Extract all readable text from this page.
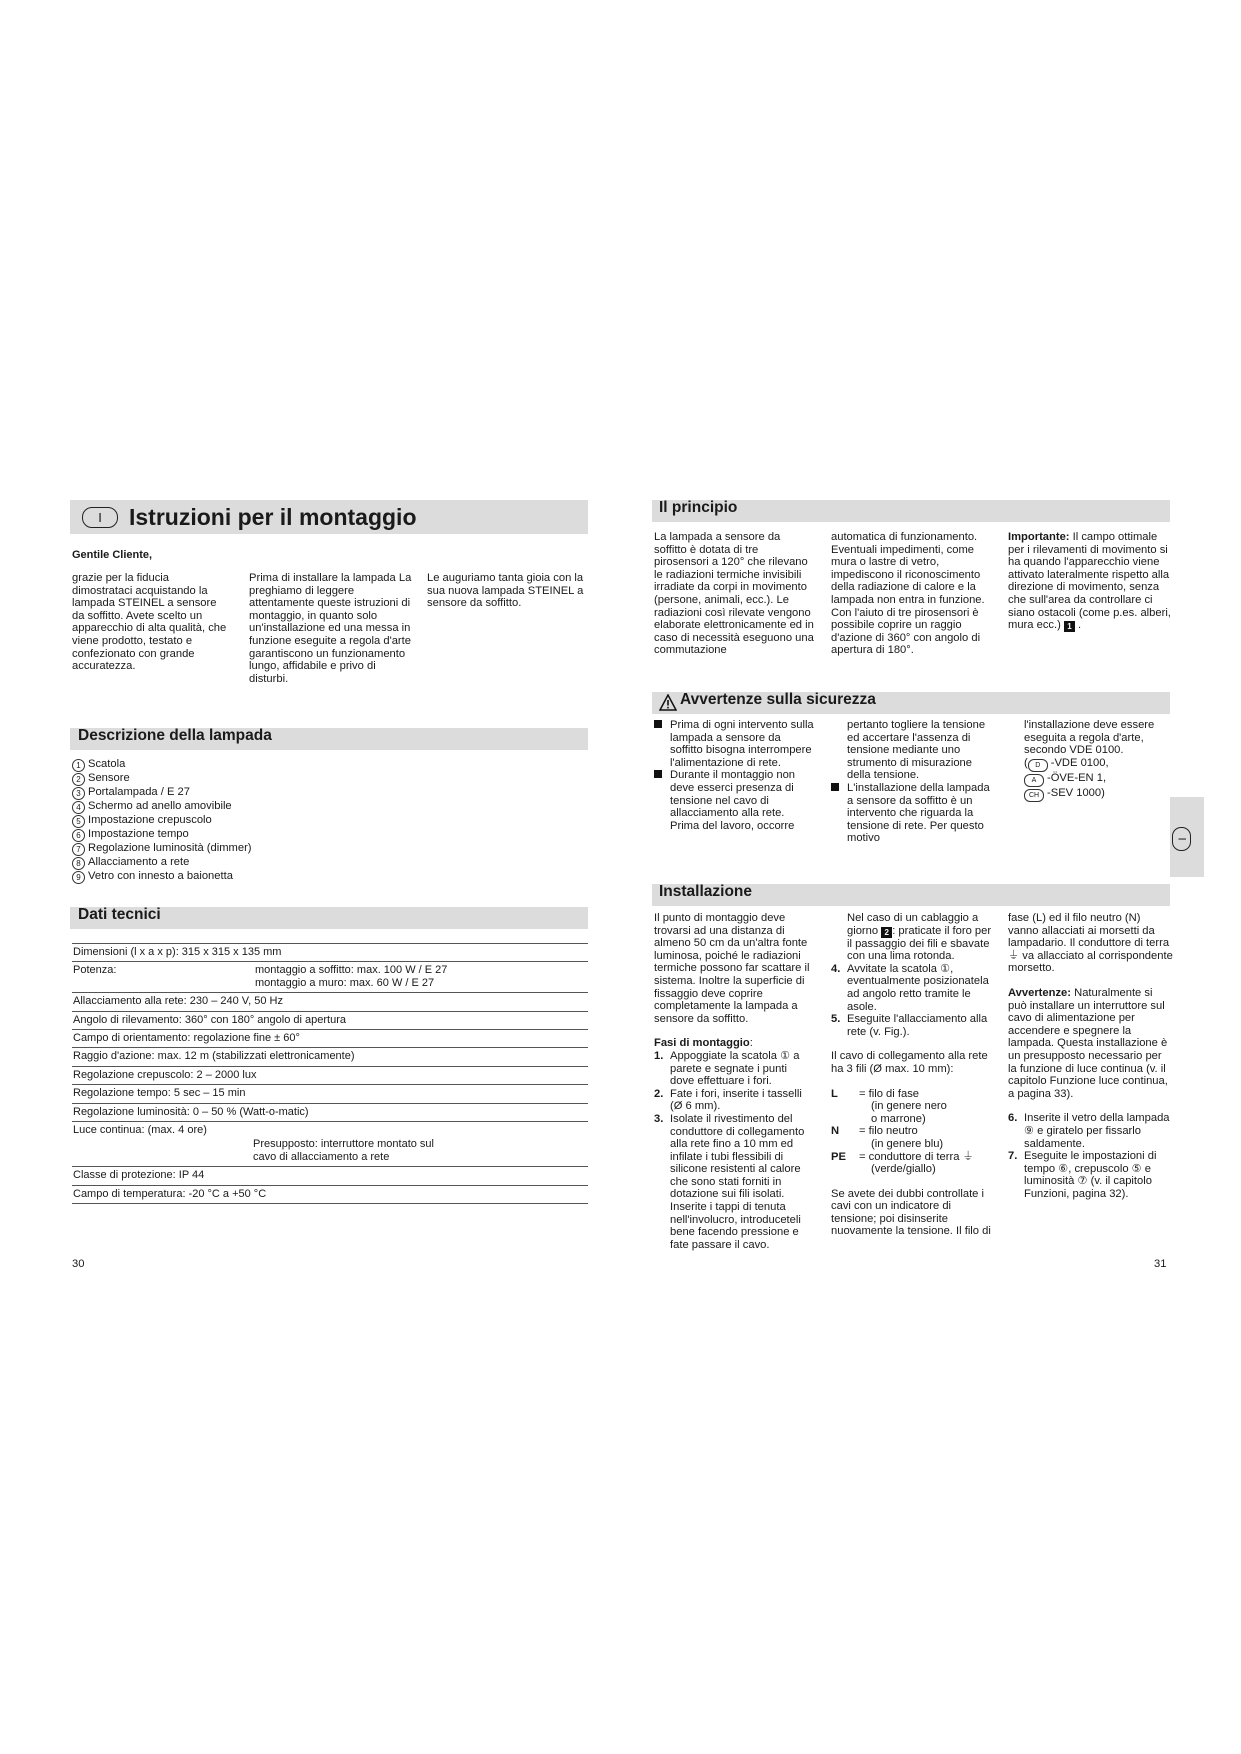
I	Istruzioni per il montaggio
Gentile Cliente,

grazie per la fiducia dimostrataci acquistando la lampada STEINEL a sensore da soffitto. Avete scelto un apparecchio di alta qualità, che viene prodotto, testato e confezionato con grande accuratezza.

Prima di installare la lampada La preghiamo di leggere attentamente queste istruzioni di montaggio, in quanto solo un'installazione ed una messa in funzione eseguite a regola d'arte garantiscono un funzionamento lungo, affidabile e privo di disturbi.

Le auguriamo tanta gioia con la sua nuova lampada STEINEL a sensore da soffitto.

Descrizione della lampada
1 Scatola
2 Sensore
3 Portalampada / E 27
4 Schermo ad anello amovibile
5 Impostazione crepuscolo
6 Impostazione tempo
7 Regolazione luminosità (dimmer)
8 Allacciamento a rete
9 Vetro con innesto a baionetta
Dati tecnici
Dimensioni (l x a x p): 315 x 315 x 135 mm
Potenza:	montaggio a soffitto: max. 100 W / E 27
montaggio a muro: max. 60 W / E 27

Allacciamento alla rete: 230 – 240 V, 50 Hz
Angolo di rilevamento: 360° con 180° angolo di apertura
Campo di orientamento: regolazione fine ± 60°
Raggio d'azione: max. 12 m (stabilizzati elettronicamente)
Regolazione crepuscolo: 2 – 2000 lux
Regolazione tempo: 5 sec – 15 min
Regolazione luminosità: 0 – 50 % (Watt-o-matic)

Luce continua: (max. 4 ore)
Presupposto: interruttore montato sul
cavo di allacciamento a rete

Classe di protezione: IP 44
Campo di temperatura: -20 °C a +50 °C
30
Il principio

La lampada a sensore da soffitto è dotata di tre pirosensori a 120° che rilevano le radiazioni termiche invisibili irradiate da corpi in movimento (persone, animali, ecc.). Le radiazioni così rilevate vengono elaborate elettronicamente ed in caso di necessità eseguono una commutazione

automatica di funzionamento. Eventuali impedimenti, come mura o lastre di vetro, impediscono il riconoscimento della radiazione di calore e la lampada non entra in funzione. Con l'aiuto di tre pirosensori è possibile coprire un raggio d'azione di 360° con angolo di apertura di 180°.

Importante: Il campo ottimale per i rilevamenti di movimento si ha quando l'apparecchio viene attivato lateralmente rispetto alla direzione di movimento, senza che sull'area da controllare ci siano ostacoli (come p.es. alberi, mura ecc.) 1 .

Avvertenze sulla sicurezza
Prima di ogni intervento sulla lampada a sensore da soffitto bisogna interrompere l'alimentazione di rete.
Durante il montaggio non deve esserci presenza di tensione nel cavo di allacciamento alla rete. Prima del lavoro, occorre
pertanto togliere la tensione ed accertare l'assenza di tensione mediante uno strumento di misurazione della tensione.
L'installazione della lampada a sensore da soffitto è un intervento che riguarda la tensione di rete. Per questo motivo
l'installazione deve essere eseguita a regola d'arte, secondo VDE 0100.
( D -VDE 0100,
A -ÖVE-EN 1,
CH -SEV 1000)
I
Installazione

Il punto di montaggio deve trovarsi ad una distanza di almeno 50 cm da un'altra fonte luminosa, poiché le radiazioni termiche possono far scattare il sistema. Inoltre la superficie di fissaggio deve coprire completamente la lampada a sensore da soffitto.

Fasi di montaggio:

1. Appoggiate la scatola ① a parete e segnate i punti dove effettuare i fori.
2. Fate i fori, inserite i tasselli (Ø 6 mm).
3. Isolate il rivestimento del conduttore di collegamento alla rete fino a 10 mm ed infilate i tubi flessibili di silicone resistenti al calore che sono stati forniti in dotazione sui fili isolati. Inserite i tappi di tenuta nell'involucro, introduceteli bene facendo pressione e fate passare il cavo.

Nel caso di un cablaggio a giorno 2 : praticate il foro per il passaggio dei fili e sbavate con una lima rotonda.

4. Avvitate la scatola ①, eventualmente posizionatela ad angolo retto tramite le asole.
5. Eseguite l'allacciamento alla rete (v. Fig.).

Il cavo di collegamento alla rete ha 3 fili (Ø max. 10 mm):

L	= filo di fase
(in genere nero
o marrone)
N	= filo neutro
(in genere blu)
PE	= conduttore di terra ⏚
(verde/giallo)

Se avete dei dubbi controllate i cavi con un indicatore di tensione; poi disinserite nuovamente la tensione. Il filo di

fase (L) ed il filo neutro (N) vanno allacciati ai morsetti da lampadario. Il conduttore di terra ⏚ va allacciato al corrispondente morsetto.

Avvertenze: Naturalmente si può installare un interruttore sul cavo di alimentazione per accendere e spegnere la lampada. Questa installazione è un presupposto necessario per la funzione di luce continua (v. il capitolo Funzione luce continua, a pagina 33).

6. Inserite il vetro della lampada ⑨ e giratelo per fissarlo saldamente.
7. Eseguite le impostazioni di tempo ⑥, crepuscolo ⑤ e luminosità ⑦ (v. il capitolo Funzioni, pagina 32).
31
